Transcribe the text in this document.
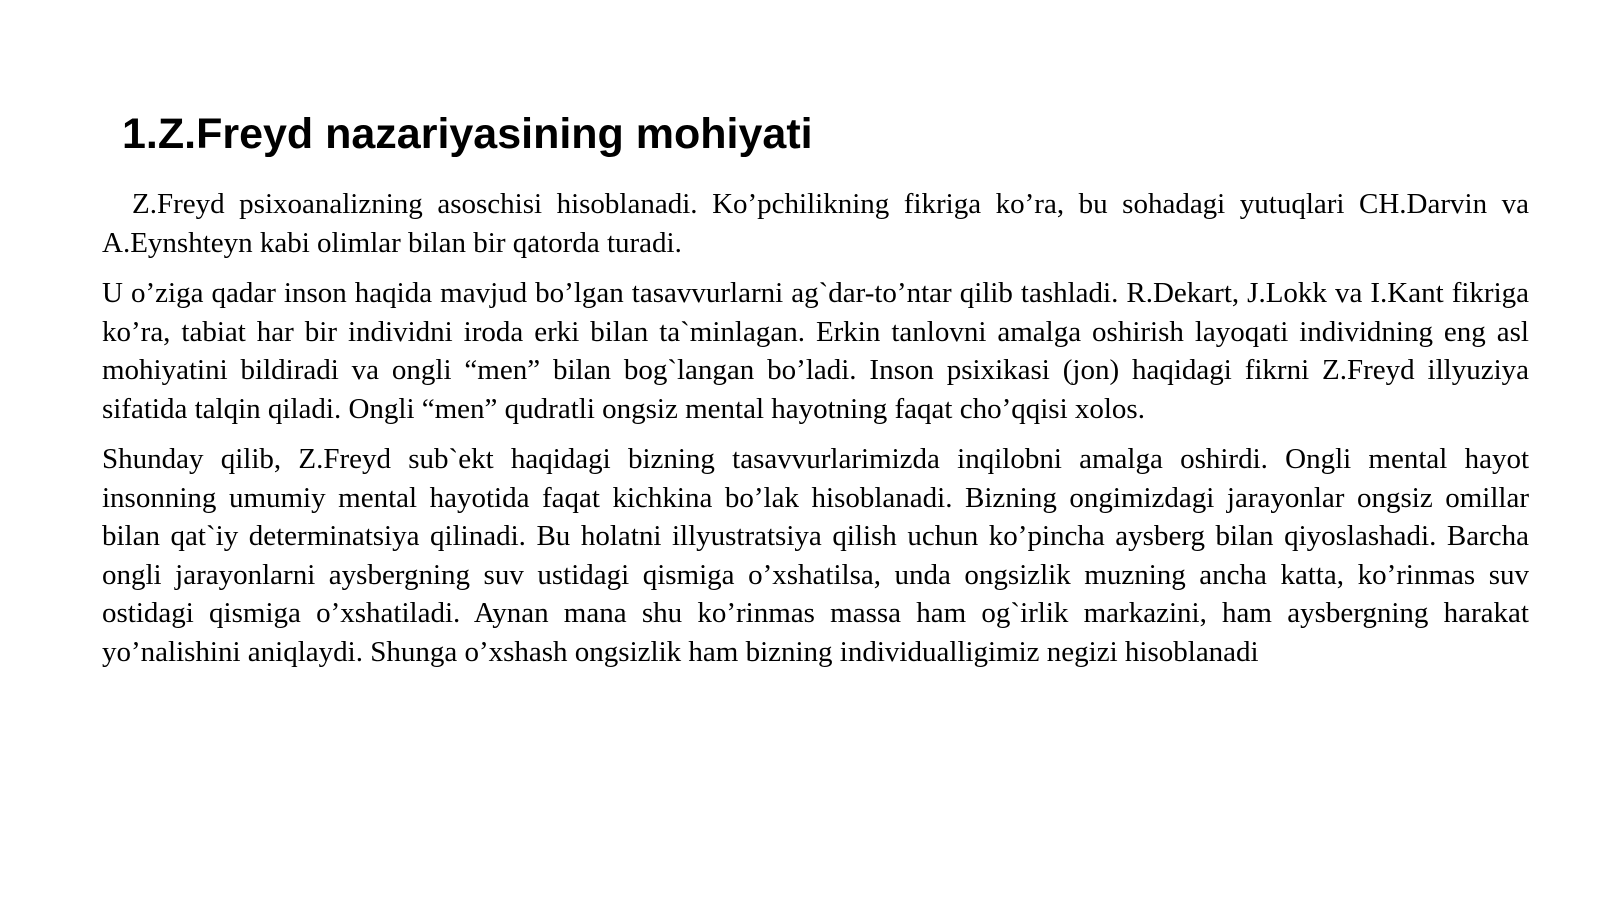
1.Z.Freyd nazariyasining mohiyati

Z.Freyd psixoanalizning asoschisi hisoblanadi. Ko’pchilikning fikriga ko’ra, bu sohadagi yutuqlari CH.Darvin va A.Eynshteyn kabi olimlar bilan bir qatorda turadi.

U o’ziga qadar inson haqida mavjud bo’lgan tasavvurlarni ag`dar-to’ntar qilib tashladi. R.Dekart, J.Lokk va I.Kant fikriga ko’ra, tabiat har bir individni iroda erki bilan ta`minlagan. Erkin tanlovni amalga oshirish layoqati individning eng asl mohiyatini bildiradi va ongli “men” bilan bog`langan bo’ladi. Inson psixikasi (jon) haqidagi fikrni Z.Freyd illyuziya sifatida talqin qiladi. Ongli “men” qudratli ongsiz mental hayotning faqat cho’qqisi xolos.

Shunday qilib, Z.Freyd sub`ekt haqidagi bizning tasavvurlarimizda inqilobni amalga oshirdi. Ongli mental hayot insonning umumiy mental hayotida faqat kichkina bo’lak hisoblanadi. Bizning ongimizdagi jarayonlar ongsiz omillar bilan qat`iy determinatsiya qilinadi. Bu holatni illyustratsiya qilish uchun ko’pincha aysberg bilan qiyoslashadi. Barcha ongli jarayonlarni aysbergning suv ustidagi qismiga o’xshatilsa, unda ongsizlik muzning ancha katta, ko’rinmas suv ostidagi qismiga o’xshatiladi. Aynan mana shu ko’rinmas massa ham og`irlik markazini, ham aysbergning harakat yo’nalishini aniqlaydi. Shunga o’xshash ongsizlik ham bizning individualligimiz negizi hisoblanadi
